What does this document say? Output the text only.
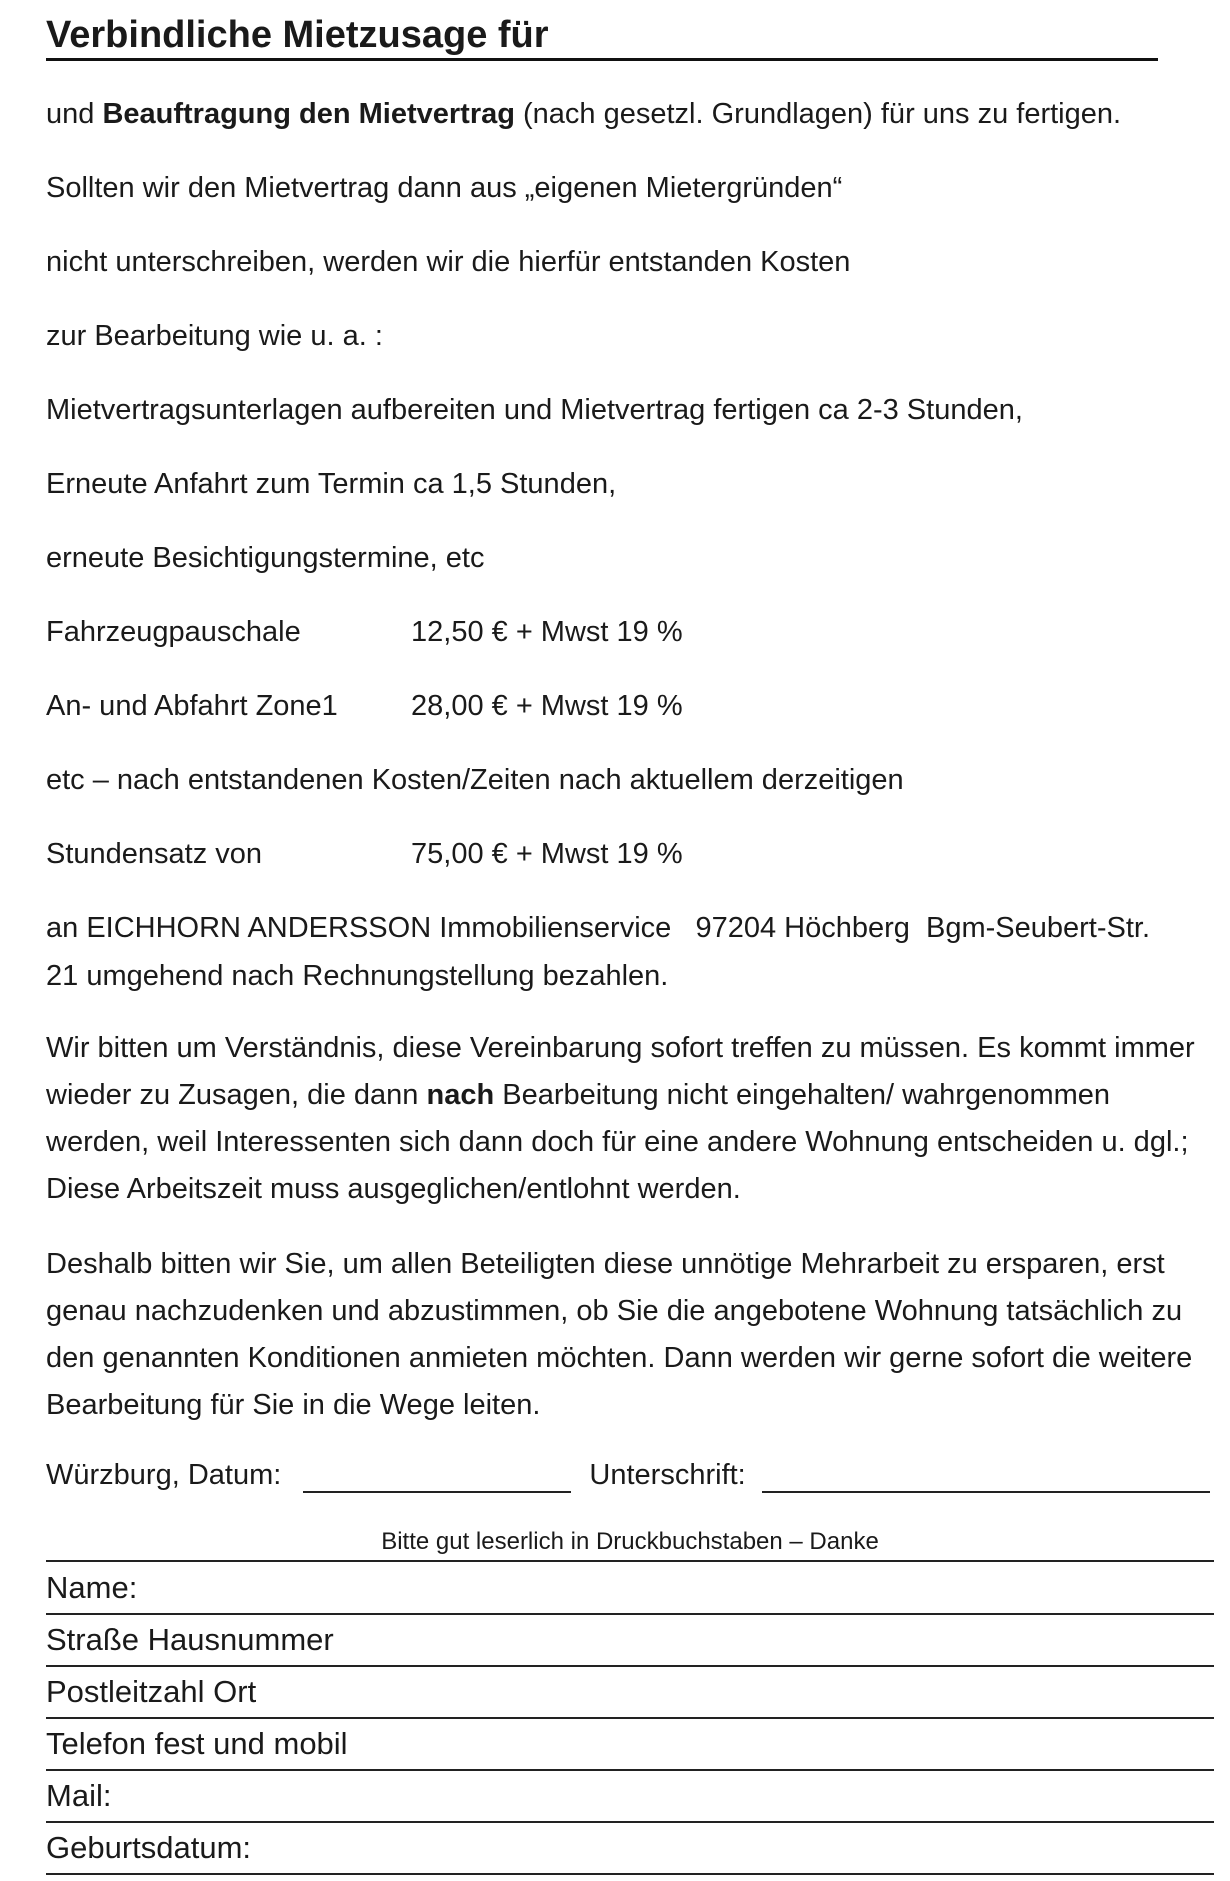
Verbindliche Mietzusage für
und Beauftragung den Mietvertrag (nach gesetzl. Grundlagen) für uns zu fertigen.
Sollten wir den Mietvertrag dann aus „eigenen Mietergründen“
nicht unterschreiben, werden wir die hierfür entstanden Kosten
zur Bearbeitung wie u. a. :
Mietvertragsunterlagen aufbereiten und Mietvertrag fertigen ca 2-3 Stunden,
Erneute Anfahrt zum Termin ca 1,5 Stunden,
erneute Besichtigungstermine, etc
Fahrzeugpauschale	12,50 € + Mwst 19 %
An- und Abfahrt Zone1	28,00 € + Mwst 19 %
etc – nach entstandenen Kosten/Zeiten nach aktuellem derzeitigen
Stundensatz von	75,00 € + Mwst 19 %
an EICHHORN ANDERSSON Immobilienservice   97204 Höchberg  Bgm-Seubert-Str.
21 umgehend nach Rechnungstellung bezahlen.
Wir bitten um Verständnis, diese Vereinbarung sofort treffen zu müssen. Es kommt immer wieder zu Zusagen, die dann nach Bearbeitung nicht eingehalten/ wahrgenommen werden, weil Interessenten sich dann doch für eine andere Wohnung entscheiden u. dgl.; Diese Arbeitszeit muss ausgeglichen/entlohnt werden.
Deshalb bitten wir Sie, um allen Beteiligten diese unnötige Mehrarbeit zu ersparen, erst genau nachzudenken und abzustimmen, ob Sie die angebotene Wohnung tatsächlich zu den genannten Konditionen anmieten möchten. Dann werden wir gerne sofort die weitere Bearbeitung für Sie in die Wege leiten.
Würzburg, Datum:	Unterschrift:
Bitte gut leserlich in Druckbuchstaben – Danke
Name:
Straße Hausnummer
Postleitzahl Ort
Telefon fest und mobil
Mail:
Geburtsdatum:
